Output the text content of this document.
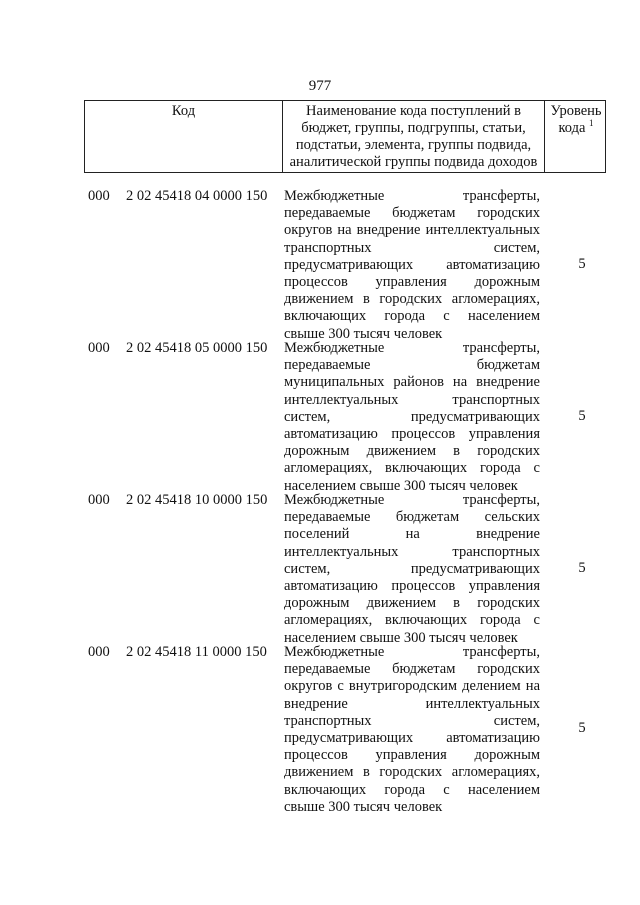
977
Код	Наименование кода поступлений в
бюджет, группы, подгруппы, статьи,
подстатьи, элемента, группы подвида,
аналитической группы подвида доходов
Уровень
кода $^1$
000 2 02 45418 04 0000 150 Межбюджетные трансферты,
передаваемые бюджетам городских
округов на внедрение интеллектуальных
транспортных систем,
предусматривающих автоматизацию
процессов управления дорожным
движением в городских агломерациях,
включающих города с населением
свыше 300 тысяч человек
5
000 2 02 45418 05 0000 150 Межбюджетные трансферты,
передаваемые бюджетам
муниципальных районов на внедрение
интеллектуальных транспортных
систем, предусматривающих
автоматизацию процессов управления
дорожным движением в городских
агломерациях, включающих города с
населением свыше 300 тысяч человек
5
000 2 02 45418 10 0000 150 Межбюджетные трансферты,
передаваемые бюджетам сельских
поселений на внедрение
интеллектуальных транспортных
систем, предусматривающих
автоматизацию процессов управления
дорожным движением в городских
агломерациях, включающих города с
населением свыше 300 тысяч человек
5
000 2 02 45418 11 0000 150 Межбюджетные трансферты,
передаваемые бюджетам городских
округов с внутригородским делением на
внедрение интеллектуальных
транспортных систем,
предусматривающих автоматизацию
процессов управления дорожным
движением в городских агломерациях,
включающих города с населением
свыше 300 тысяч человек
5
